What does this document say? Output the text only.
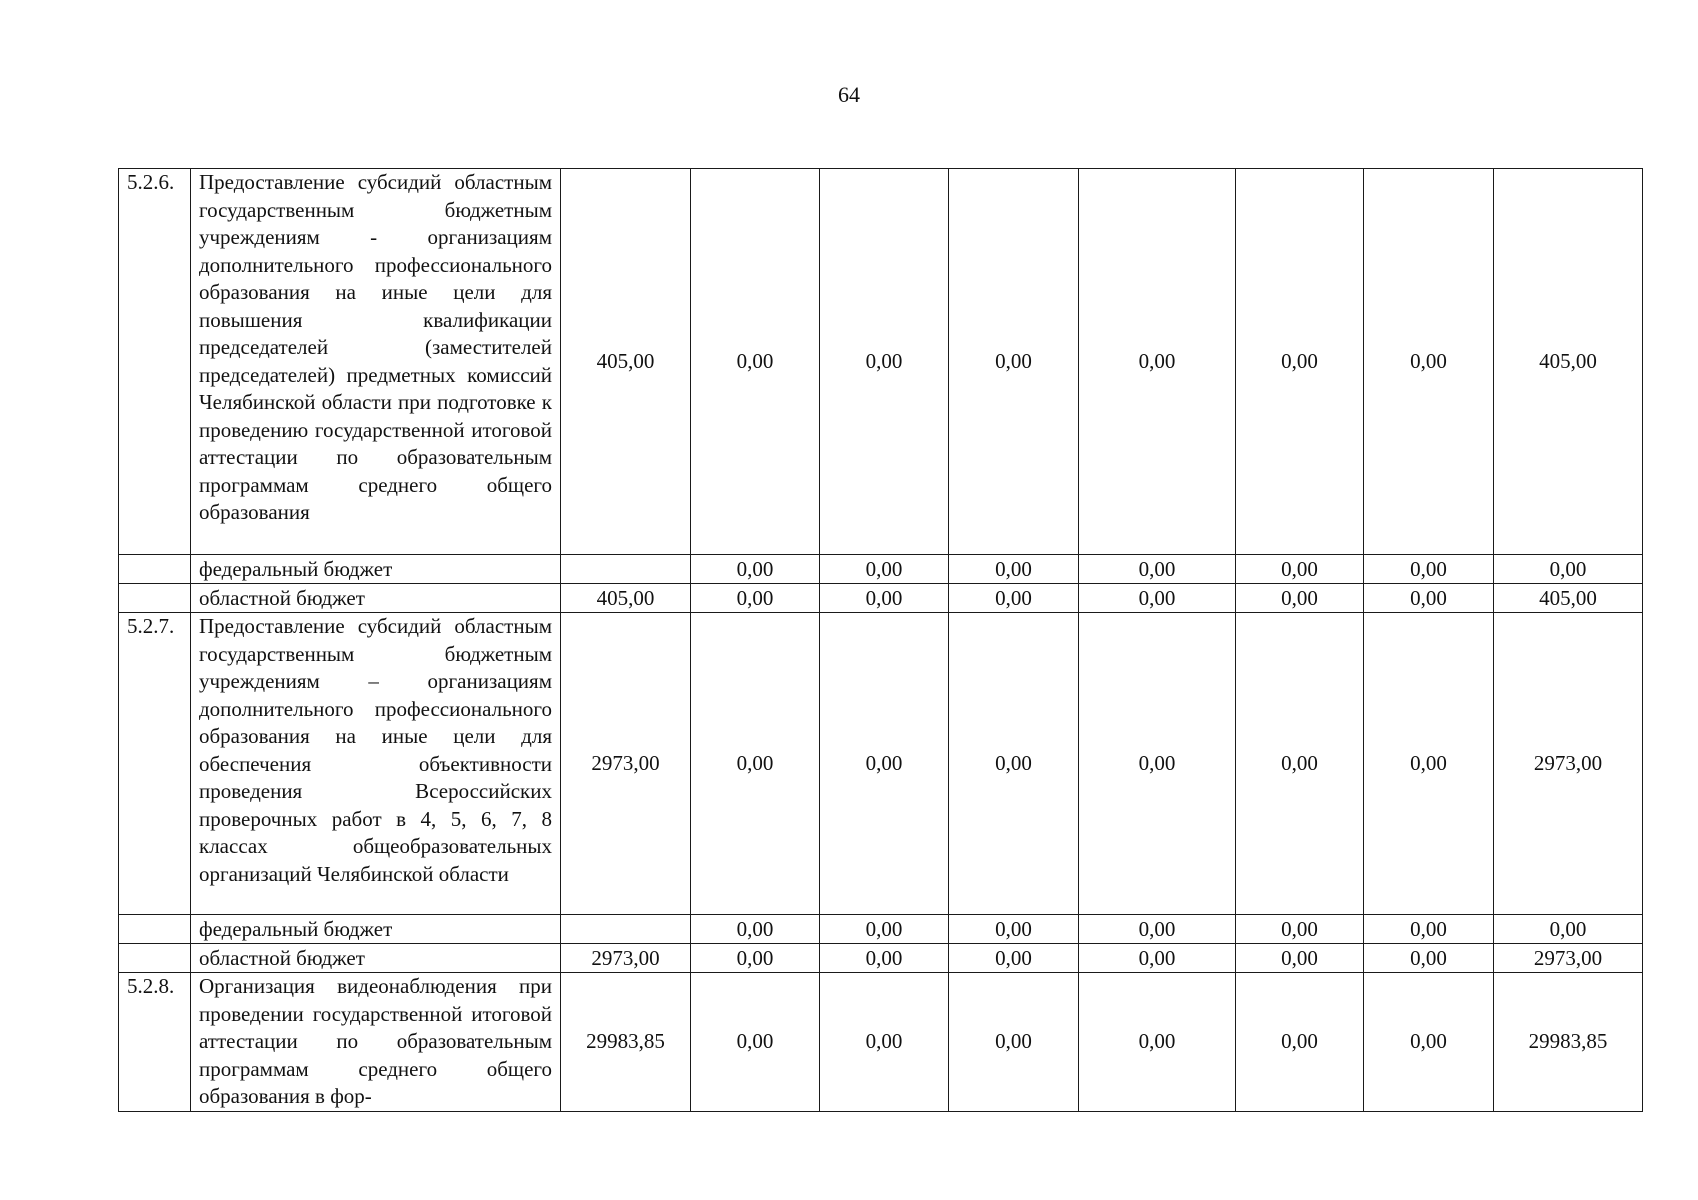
64
5.2.6.	Предоставление субсидий областным государственным бюджетным учреждениям - организациям дополнительного профессионального образования на иные цели для повышения квалификации председателей (заместителей председателей) предметных комиссий Челябинской области при подготовке к проведению государственной итоговой аттестации по образовательным программам среднего общего образования	405,00	0,00	0,00	0,00	0,00	0,00	0,00	405,00
	федеральный бюджет		0,00	0,00	0,00	0,00	0,00	0,00	0,00
	областной бюджет	405,00	0,00	0,00	0,00	0,00	0,00	0,00	405,00
5.2.7.	Предоставление субсидий областным государственным бюджетным учреждениям – организациям дополнительного профессионального образования на иные цели для обеспечения объективности проведения Всероссийских проверочных работ в 4, 5, 6, 7, 8 классах общеобразовательных организаций Челябинской области	2973,00	0,00	0,00	0,00	0,00	0,00	0,00	2973,00
	федеральный бюджет		0,00	0,00	0,00	0,00	0,00	0,00	0,00
	областной бюджет	2973,00	0,00	0,00	0,00	0,00	0,00	0,00	2973,00
5.2.8.	Организация видеонаблюдения при проведении государственной итоговой аттестации по образовательным программам среднего общего образования в фор-	29983,85	0,00	0,00	0,00	0,00	0,00	0,00	29983,85
